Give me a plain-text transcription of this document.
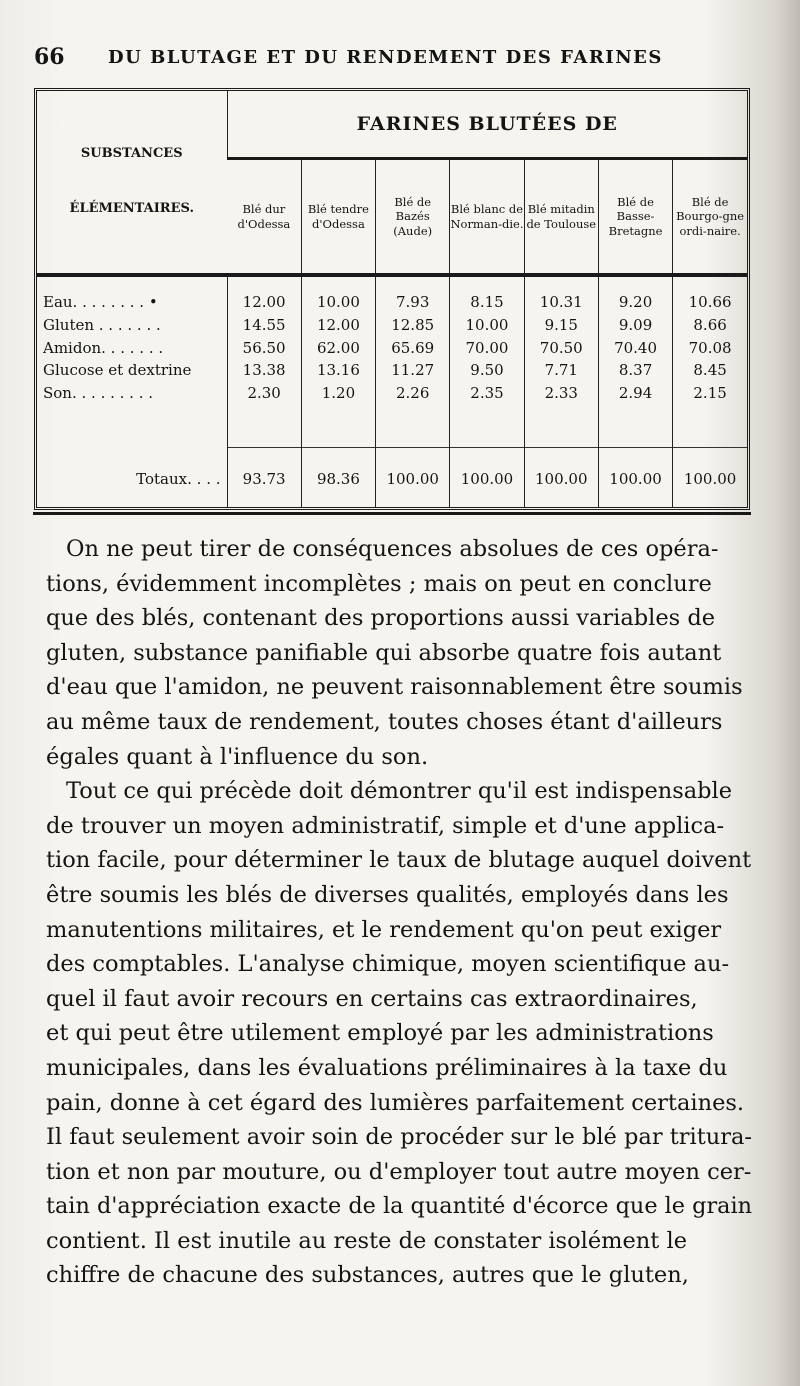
66	DU BLUTAGE ET DU RENDEMENT DES FARINES
SUBSTANCES
ÉLÉMENTAIRES.	FARINES BLUTÉES DE						
	Blé dur d'Odessa	Blé tendre d'Odessa	Blé de Bazés (Aude)	Blé blanc de Norman-die.	Blé mitadin de Toulouse	Blé de Basse-Bretagne	Blé de Bourgo-gne ordi-naire.

Eau. . . . . . . . •	12.00	10.00	7.93	8.15	10.31	9.20	10.66
Gluten . . . . . . .	14.55	12.00	12.85	10.00	9.15	9.09	8.66
Amidon. . . . . . .	56.50	62.00	65.69	70.00	70.50	70.40	70.08
Glucose et dextrine	13.38	13.16	11.27	9.50	7.71	8.37	8.45
Son. . . . . . . . .	2.30	1.20	2.26	2.35	2.33	2.94	2.15

Totaux. . . .	93.73	98.36	100.00	100.00	100.00	100.00	100.00
On ne peut tirer de conséquences absolues de ces opéra-
tions, évidemment incomplètes ; mais on peut en conclure
que des blés, contenant des proportions aussi variables de
gluten, substance panifiable qui absorbe quatre fois autant
d'eau que l'amidon, ne peuvent raisonnablement être soumis
au même taux de rendement, toutes choses étant d'ailleurs
égales quant à l'influence du son.
Tout ce qui précède doit démontrer qu'il est indispensable
de trouver un moyen administratif, simple et d'une applica-
tion facile, pour déterminer le taux de blutage auquel doivent
être soumis les blés de diverses qualités, employés dans les
manutentions militaires, et le rendement qu'on peut exiger
des comptables. L'analyse chimique, moyen scientifique au-
quel il faut avoir recours en certains cas extraordinaires,
et qui peut être utilement employé par les administrations
municipales, dans les évaluations préliminaires à la taxe du
pain, donne à cet égard des lumières parfaitement certaines.
Il faut seulement avoir soin de procéder sur le blé par tritura-
tion et non par mouture, ou d'employer tout autre moyen cer-
tain d'appréciation exacte de la quantité d'écorce que le grain
contient. Il est inutile au reste de constater isolément le
chiffre de chacune des substances, autres que le gluten,
